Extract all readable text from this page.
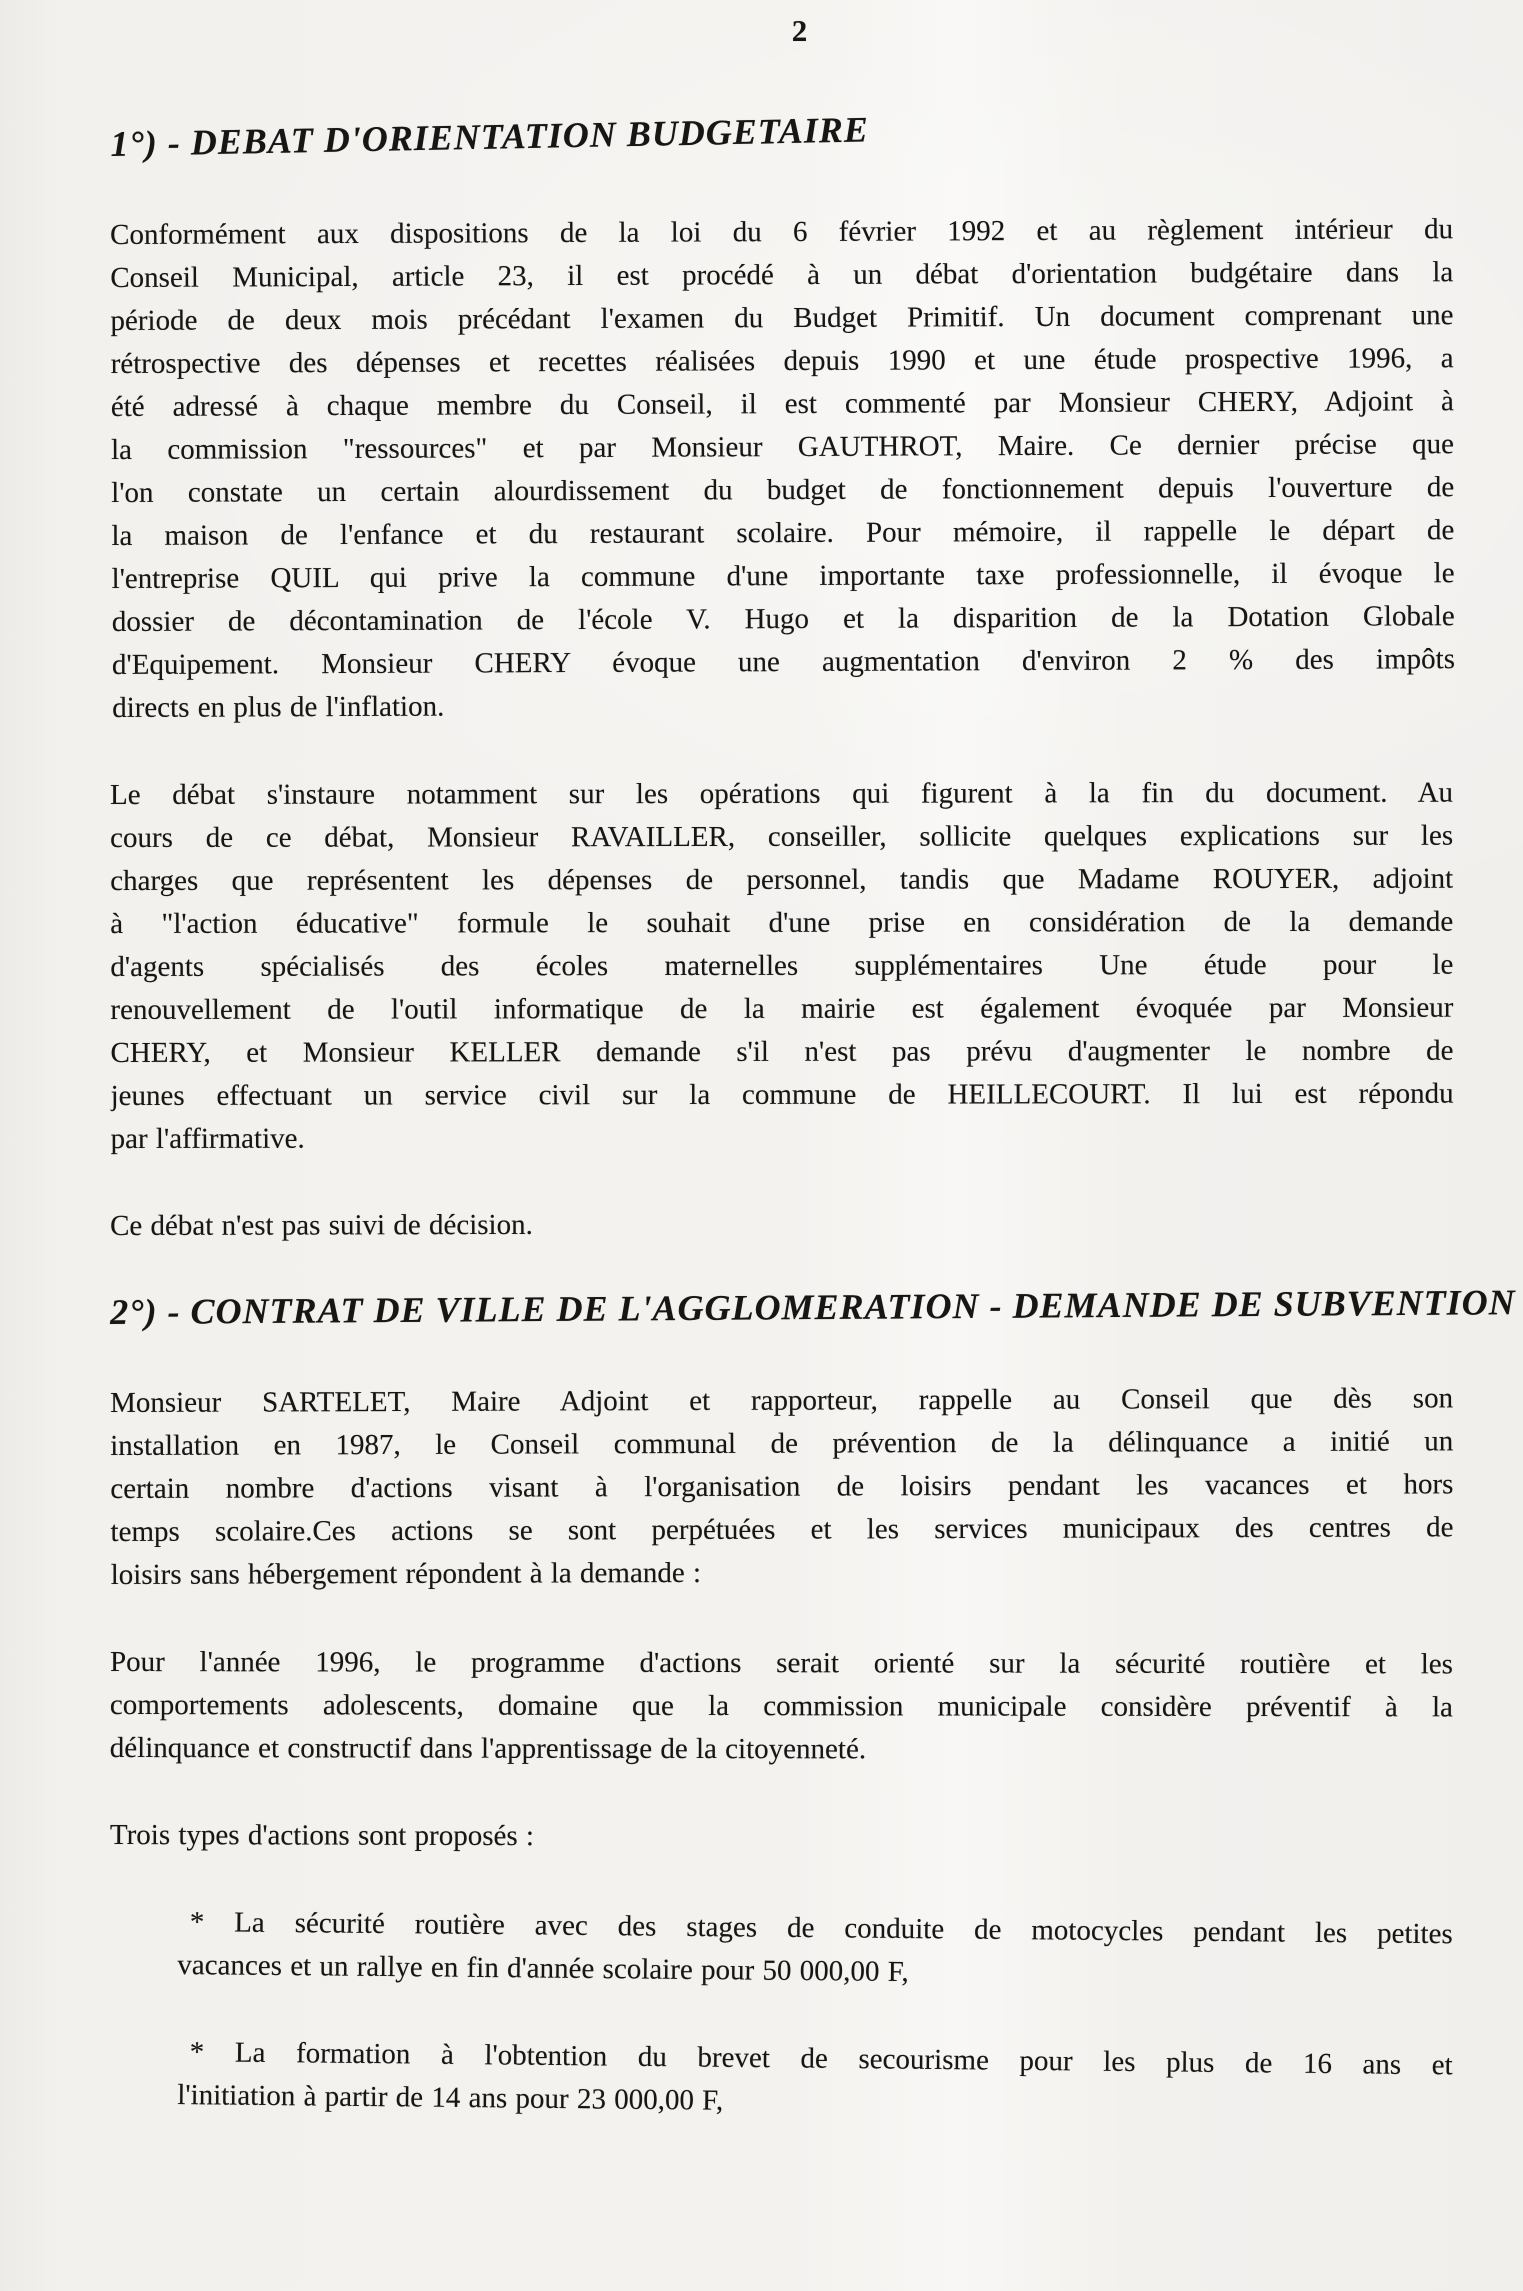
2
1°) - DEBAT D'ORIENTATION BUDGETAIRE
Conformément aux dispositions de la loi du 6 février 1992 et au règlement intérieur du
Conseil Municipal, article 23, il est procédé à un débat d'orientation budgétaire dans la
période de deux mois précédant l'examen du Budget Primitif. Un document comprenant une
rétrospective des dépenses et recettes réalisées depuis 1990 et une étude prospective 1996, a
été adressé à chaque membre du Conseil, il est commenté par Monsieur CHERY, Adjoint à
la commission "ressources" et par Monsieur GAUTHROT, Maire. Ce dernier précise que
l'on constate un certain alourdissement du budget de fonctionnement depuis l'ouverture de
la maison de l'enfance et du restaurant scolaire. Pour mémoire, il rappelle le départ de
l'entreprise QUIL qui prive la commune d'une importante taxe professionnelle, il évoque le
dossier de décontamination de l'école V. Hugo et la disparition de la Dotation Globale
d'Equipement. Monsieur CHERY évoque une augmentation d'environ 2 % des impôts
directs en plus de l'inflation.
Le débat s'instaure notamment sur les opérations qui figurent à la fin du document. Au
cours de ce débat, Monsieur RAVAILLER, conseiller, sollicite quelques explications sur les
charges que représentent les dépenses de personnel, tandis que Madame ROUYER, adjoint
à "l'action éducative" formule le souhait d'une prise en considération de la demande
d'agents spécialisés des écoles maternelles supplémentaires Une étude pour le
renouvellement de l'outil informatique de la mairie est également évoquée par Monsieur
CHERY, et Monsieur KELLER demande s'il n'est pas prévu d'augmenter le nombre de
jeunes effectuant un service civil sur la commune de HEILLECOURT. Il lui est répondu
par l'affirmative.
Ce débat n'est pas suivi de décision.
2°) - CONTRAT DE VILLE DE L'AGGLOMERATION - DEMANDE DE SUBVENTION
Monsieur SARTELET, Maire Adjoint et rapporteur, rappelle au Conseil que dès son
installation en 1987, le Conseil communal de prévention de la délinquance a initié un
certain nombre d'actions visant à l'organisation de loisirs pendant les vacances et hors
temps scolaire.Ces actions se sont perpétuées et les services municipaux des centres de
loisirs sans hébergement répondent à la demande :
Pour l'année 1996, le programme d'actions serait orienté sur la sécurité routière et les
comportements adolescents, domaine que la commission municipale considère préventif à la
délinquance et constructif dans l'apprentissage de la citoyenneté.
Trois types d'actions sont proposés :
* La sécurité routière avec des stages de conduite de motocycles pendant les petites
vacances et un rallye en fin d'année scolaire pour 50 000,00 F,
* La formation à l'obtention du brevet de secourisme pour les plus de 16 ans et
l'initiation à partir de 14 ans pour 23 000,00 F,
